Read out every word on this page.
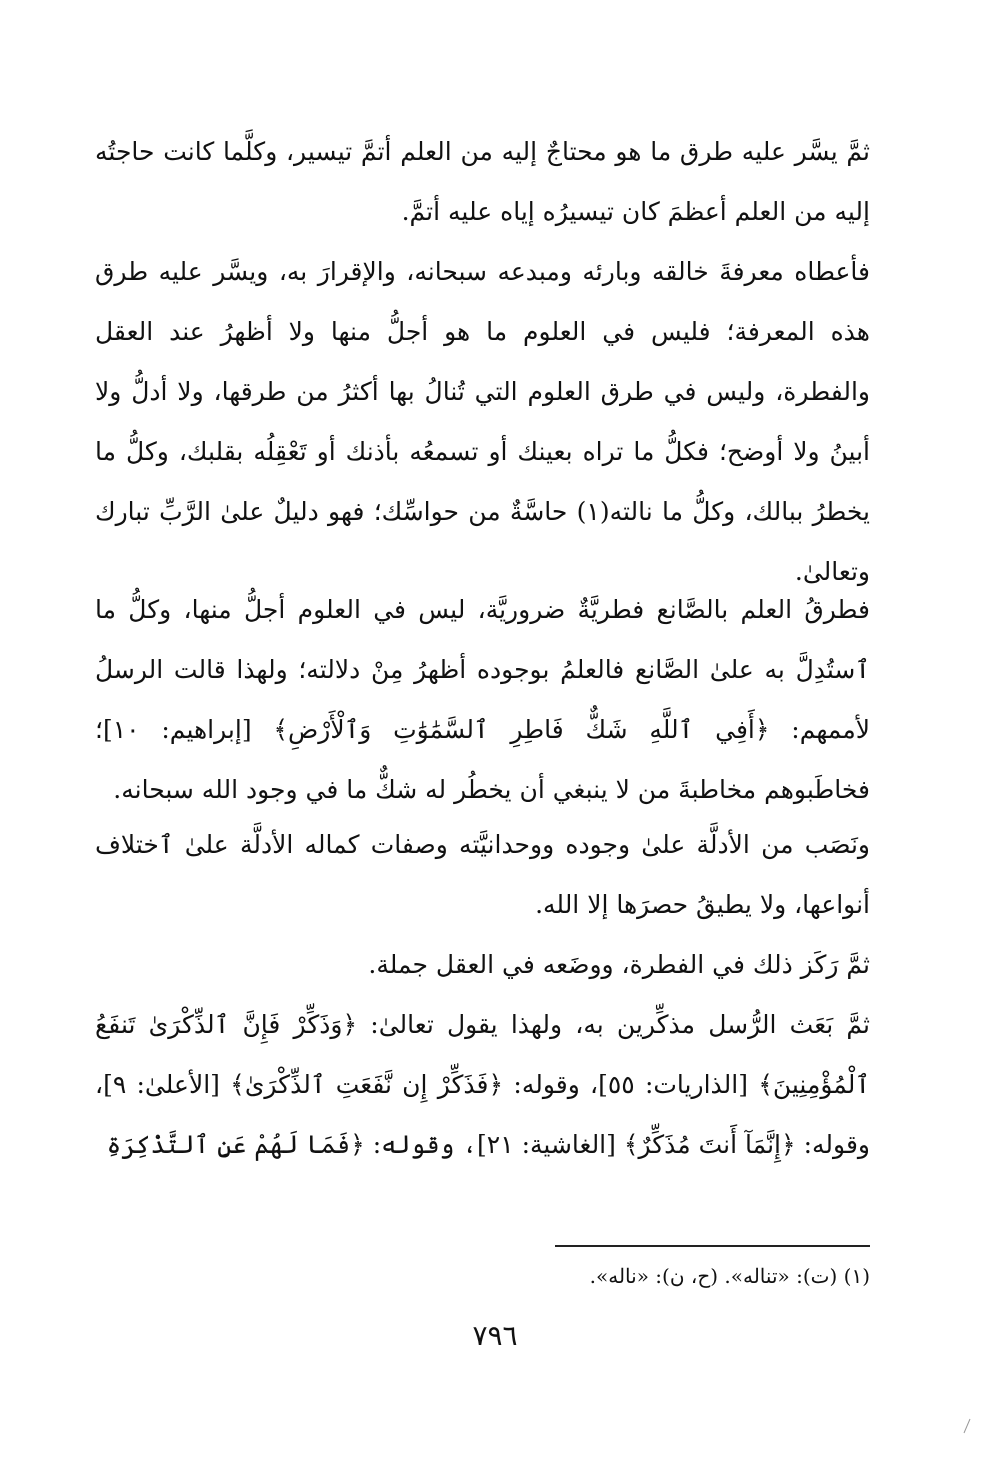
ثمَّ يسَّر عليه طرق ما هو محتاجٌ إليه من العلم أتمَّ تيسير، وكلَّما كانت حاجتُه إليه من العلم أعظمَ كان تيسيرُه إياه عليه أتمَّ.

فأعطاه معرفةَ خالقه وبارئه ومبدعه سبحانه، والإقرارَ به، ويسَّر عليه طرق هذه المعرفة؛ فليس في العلوم ما هو أجلُّ منها ولا أظهرُ عند العقل والفطرة، وليس في طرق العلوم التي تُنالُ بها أكثرُ من طرقها، ولا أدلُّ ولا أبينُ ولا أوضح؛ فكلُّ ما تراه بعينك أو تسمعُه بأذنك أو تَعْقِلُه بقلبك، وكلُّ ما يخطرُ ببالك، وكلُّ ما نالته(١) حاسَّةٌ من حواسِّك؛ فهو دليلٌ علىٰ الرَّبِّ تبارك وتعالىٰ.

فطرقُ العلم بالصَّانع فطريَّةٌ ضروريَّة، ليس في العلوم أجلُّ منها، وكلُّ ما ٱستُدِلَّ به علىٰ الصَّانع فالعلمُ بوجوده أظهرُ مِنْ دلالته؛ ولهذا قالت الرسلُ لأممهم: ﴿أَفِي ٱللَّهِ شَكٌّ فَاطِرِ ٱلسَّمَٰوَٰتِ وَٱلْأَرْضِ﴾ [إبراهيم: ١٠]؛ فخاطَبوهم مخاطبةَ من لا ينبغي أن يخطُر له شكٌّ ما في وجود الله سبحانه.

ونَصَب من الأدلَّة علىٰ وجوده ووحدانيَّته وصفات كماله الأدلَّة علىٰ ٱختلاف أنواعها، ولا يطيقُ حصرَها إلا الله.

ثمَّ رَكَز ذلك في الفطرة، ووضَعه في العقل جملة.

ثمَّ بَعَث الرُّسل مذكِّرين به، ولهذا يقول تعالىٰ: ﴿وَذَكِّرْ فَإِنَّ ٱلذِّكْرَىٰ تَنفَعُ ٱلْمُؤْمِنِينَ﴾ [الذاريات: ٥٥]، وقوله: ﴿فَذَكِّرْ إِن نَّفَعَتِ ٱلذِّكْرَىٰ﴾ [الأعلىٰ: ٩]، وقوله: ﴿إِنَّمَآ أَنتَ مُذَكِّرٌ﴾ [الغاشية: ٢١]، وقوله: ﴿فَمَا لَهُمْ عَنِ ٱلتَّذْكِرَةِ

(١) (ت): «تناله». (ح، ن): «ناله».
٧٩٦
